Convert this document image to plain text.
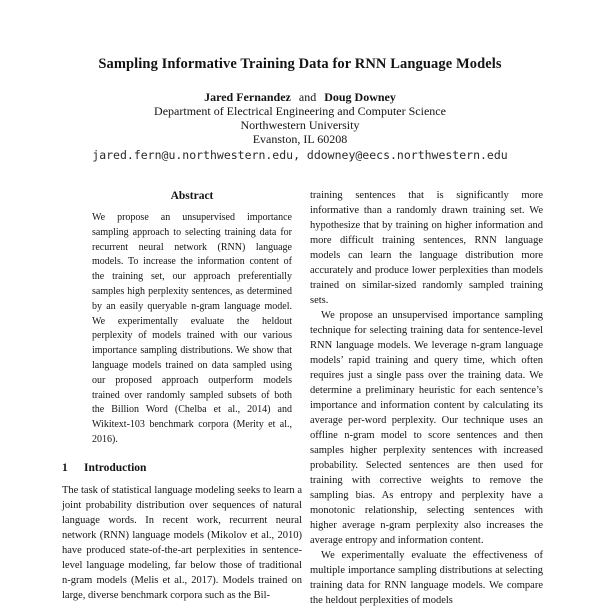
Sampling Informative Training Data for RNN Language Models
Jared Fernandez and Doug Downey

Department of Electrical Engineering and Computer Science

Northwestern University

Evanston, IL 60208

jared.fern@u.northwestern.edu, ddowney@eecs.northwestern.edu
Abstract

We propose an unsupervised importance sampling approach to selecting training data for recurrent neural network (RNN) language models. To increase the information content of the training set, our approach preferentially samples high perplexity sentences, as determined by an easily queryable n-gram language model. We experimentally evaluate the heldout perplexity of models trained with our various importance sampling distributions. We show that language models trained on data sampled using our proposed approach outperform models trained over randomly sampled subsets of both the Billion Word (Chelba et al., 2014) and Wikitext-103 benchmark corpora (Merity et al., 2016).

1 Introduction

The task of statistical language modeling seeks to learn a joint probability distribution over sequences of natural language words. In recent work, recurrent neural network (RNN) language models (Mikolov et al., 2010) have produced state-of-the-art perplexities in sentence-level language modeling, far below those of traditional n-gram models (Melis et al., 2017). Models trained on large, diverse benchmark corpora such as the Bil-

training sentences that is significantly more informative than a randomly drawn training set. We hypothesize that by training on higher information and more difficult training sentences, RNN language models can learn the language distribution more accurately and produce lower perplexities than models trained on similar-sized randomly sampled training sets.

We propose an unsupervised importance sampling technique for selecting training data for sentence-level RNN language models. We leverage n-gram language models’ rapid training and query time, which often requires just a single pass over the training data. We determine a preliminary heuristic for each sentence’s importance and information content by calculating its average per-word perplexity. Our technique uses an offline n-gram model to score sentences and then samples higher perplexity sentences with increased probability. Selected sentences are then used for training with corrective weights to remove the sampling bias. As entropy and perplexity have a monotonic relationship, selecting sentences with higher average n-gram perplexity also increases the average entropy and information content.

We experimentally evaluate the effectiveness of multiple importance sampling distributions at selecting training data for RNN language models. We compare the heldout perplexities of models
